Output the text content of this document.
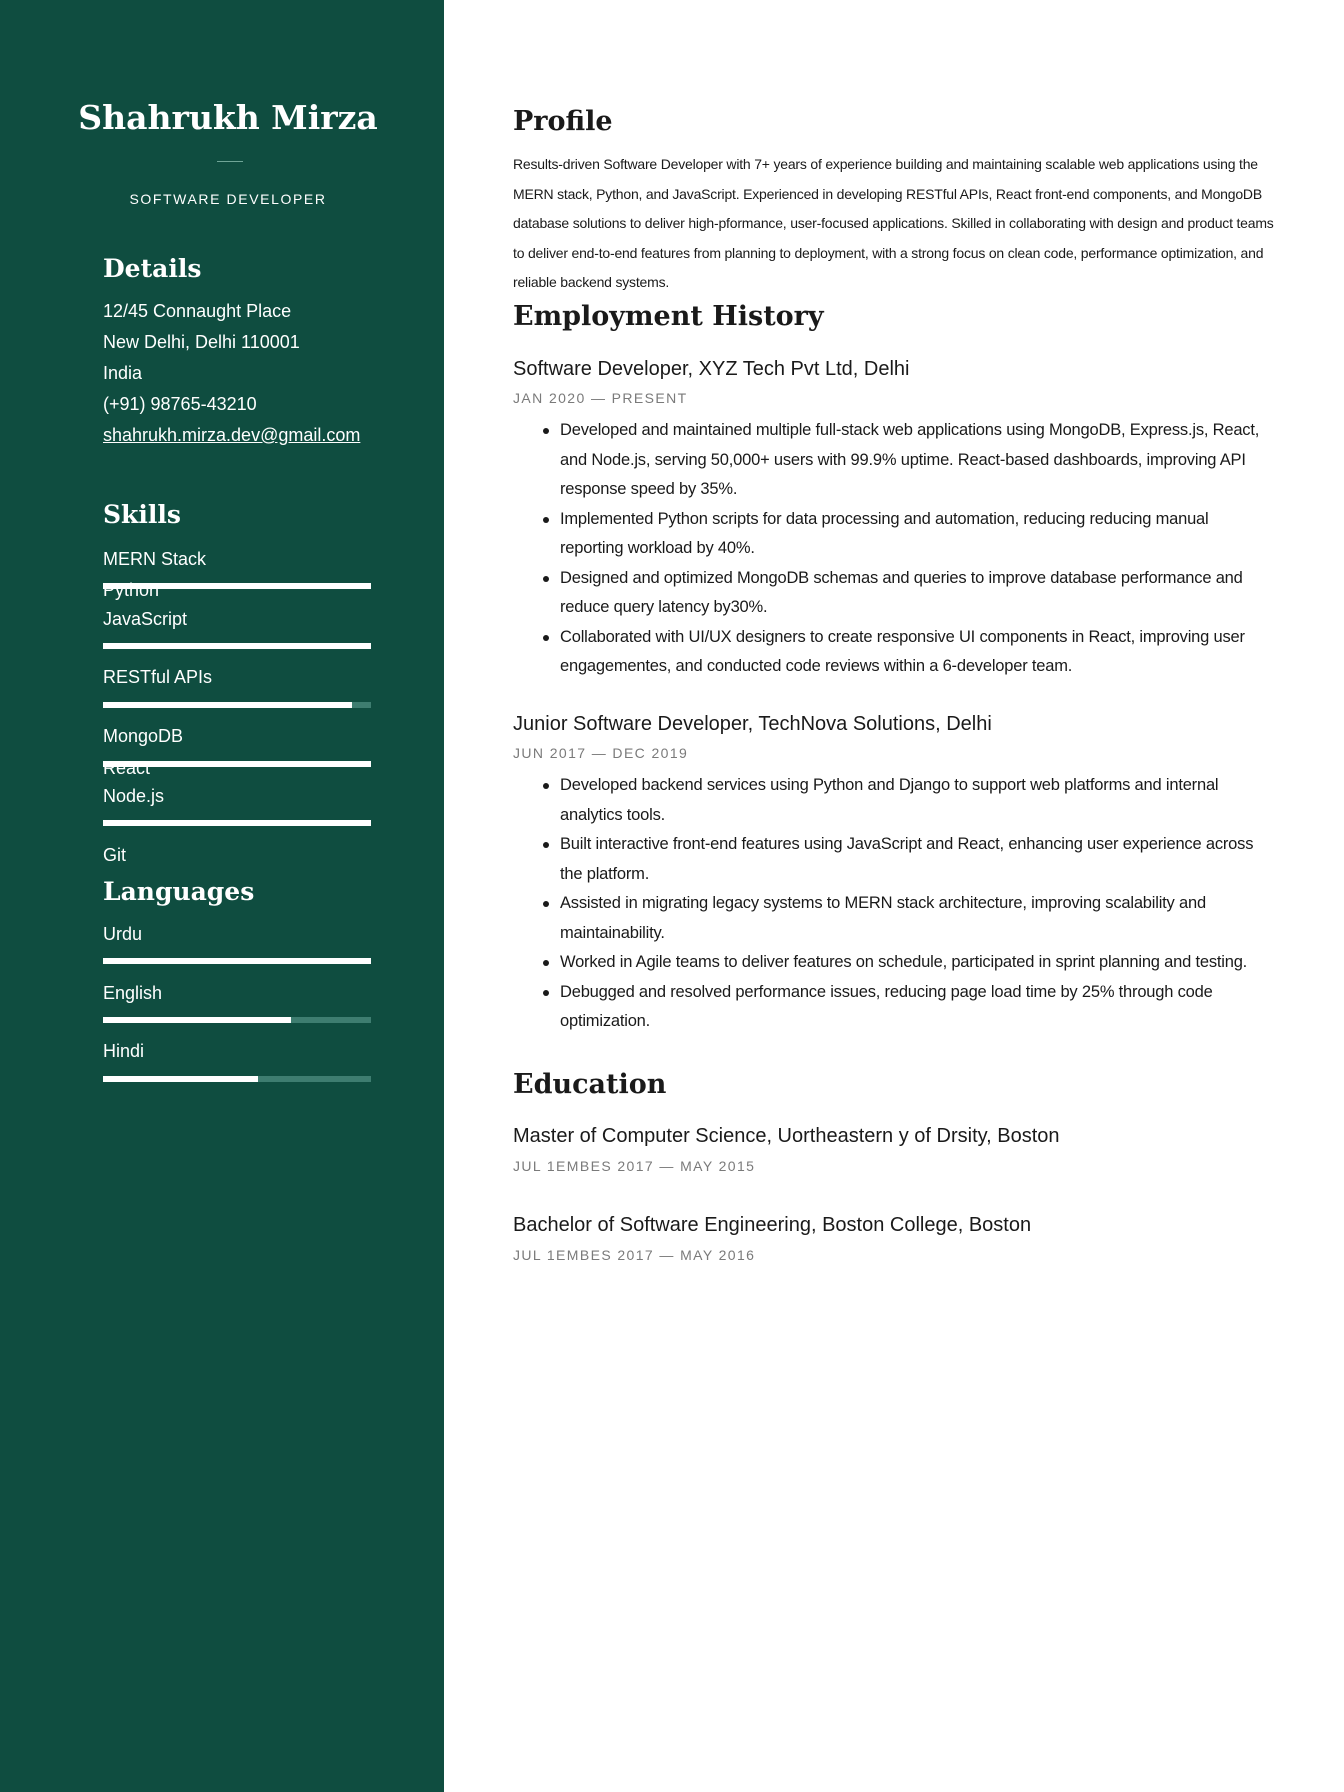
Shahrukh Mirza
SOFTWARE DEVELOPER
Details
12/45 Connaught Place
New Delhi, Delhi 110001
India
(+91) 98765-43210
shahrukh.mirza.dev@gmail.com
Skills
MERN Stack
Python
JavaScript
RESTful APIs
MongoDB
React
Node.js
Git
Languages
Urdu
English
Hindi
Profile

Results-driven Software Developer with 7+ years of experience building and maintaining scalable web applications using the MERN stack, Python, and JavaScript. Experienced in developing RESTful APIs, React front-end components, and MongoDB database solutions to deliver high-pformance, user-focused applications. Skilled in collaborating with design and product teams to deliver end-to-end features from planning to deployment, with a strong focus on clean code, performance optimization, and reliable backend systems.

Employment History
Software Developer, XYZ Tech Pvt Ltd, Delhi
JAN 2020 — PRESENT
Developed and maintained multiple full-stack web applications using MongoDB, Express.js, React, and Node.js, serving 50,000+ users with 99.9% uptime. React-based dashboards, improving API response speed by 35%.
Implemented Python scripts for data processing and automation, reducing reducing manual reporting workload by 40%.
Designed and optimized MongoDB schemas and queries to improve database performance and reduce query latency by30%.
Collaborated with UI/UX designers to create responsive UI components in React, improving user engagementes, and conducted code reviews within a 6-developer team.
Junior Software Developer, TechNova Solutions, Delhi
JUN 2017 — DEC 2019
Developed backend services using Python and Django to support web platforms and internal analytics tools.
Built interactive front-end features using JavaScript and React, enhancing user experience across the platform.
Assisted in migrating legacy systems to MERN stack architecture, improving scalability and maintainability.
Worked in Agile teams to deliver features on schedule, participated in sprint planning and testing.
Debugged and resolved performance issues, reducing page load time by 25% through code optimization.
Education
Master of Computer Science, Uortheastern y of Drsity, Boston
JUL 1EMBES 2017 — MAY 2015
Bachelor of Software Engineering, Boston College, Boston
JUL 1EMBES 2017 — MAY 2016
